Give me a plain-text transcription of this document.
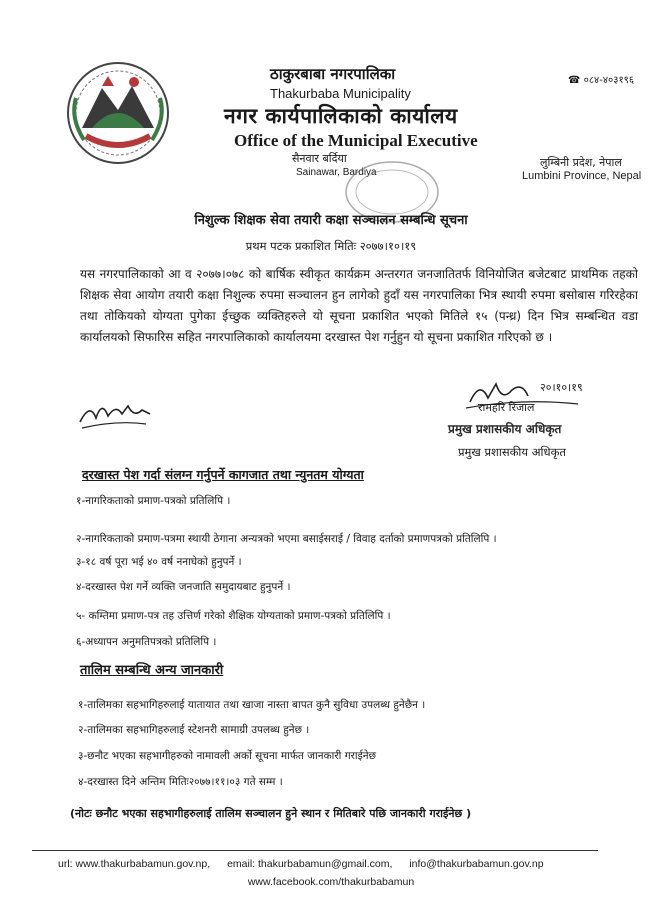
ठाकुरबाबा नगरपालिका
Thakurbaba Municipality
नगर कार्यपालिकाको कार्यालय
Office of the Municipal Executive
सैनवार बर्दिया
Sainawar, Bardiya
☎ ०८४-४०३१९६
लुम्बिनी प्रदेश, नेपाल
Lumbini Province, Nepal
निशुल्क शिक्षक सेवा तयारी कक्षा सञ्चालन सम्बन्धि सूचना
प्रथम पटक प्रकाशित मितिः २०७७।१०।१९
यस नगरपालिकाको आ व २०७७।०७८ को बार्षिक स्वीकृत कार्यक्रम अन्तरगत जनजातितर्फ विनियोजित बजेटबाट प्राथमिक तहको शिक्षक सेवा आयोग तयारी कक्षा निशुल्क रुपमा सञ्चालन हुन लागेको हुदाँ यस नगरपालिका भित्र स्थायी रुपमा बसोबास गरिरहेका तथा तोकियको योग्यता पुगेका ईच्छुक व्यक्तिहरुले यो सूचना प्रकाशित भएको मितिले १५ (पन्ध्र) दिन भित्र सम्बन्धित वडा कार्यालयको सिफारिस सहित नगरपालिकाको कार्यालयमा दरखास्त पेश गर्नुहुन यो सूचना प्रकाशित गरिएको छ ।
रामहरि रिजाल
२०।१०।१९
प्रमुख प्रशासकीय अधिकृत
प्रमुख प्रशासकीय अधिकृत
दरखास्त पेश गर्दा संलग्न गर्नुपर्ने कागजात तथा न्युनतम योग्यता
१-नागरिकताको प्रमाण-पत्रको प्रतिलिपि ।
२-नागरिकताको प्रमाण-पत्रमा स्थायी ठेगाना अन्यत्रको भएमा बसाईसराई / विवाह दर्ताको प्रमाणपत्रको प्रतिलिपि ।
३-१८ वर्ष पूरा भई ४० वर्ष ननाघेको हुनुपर्ने ।
४-दरखास्त पेश गर्ने व्यक्ति जनजाति समुदायबाट हुनुपर्ने ।
५- कम्तिमा प्रमाण-पत्र तह उत्तिर्ण गरेको शैक्षिक योग्यताको प्रमाण-पत्रको प्रतिलिपि ।
६-अध्यापन अनुमतिपत्रको प्रतिलिपि ।
तालिम सम्बन्धि अन्य जानकारी
१-तालिमका सहभागिहरुलाई यातायात तथा खाजा नास्ता बापत कुनै सुविधा उपलब्ध हुनेछैन ।
२-तालिमका सहभागिहरुलाई स्टेशनरी सामाग्री उपलब्ध हुनेछ ।
३-छनौट भएका सहभागीहरुको नामावली अर्को सूचना मार्फत जानकारी गराईनेछ
४-दरखास्त दिने अन्तिम मितिः२०७७।११।०३ गते सम्म ।
(नोटः छनौट भएका सहभागीहरुलाई तालिम सञ्चालन हुने स्थान र मितिबारे पछि जानकारी गराईनेछ )
url: www.thakurbabamun.gov.np, email: thakurbabamun@gmail.com, info@thakurbabamun.gov.np
www.facebook.com/thakurbabamun
